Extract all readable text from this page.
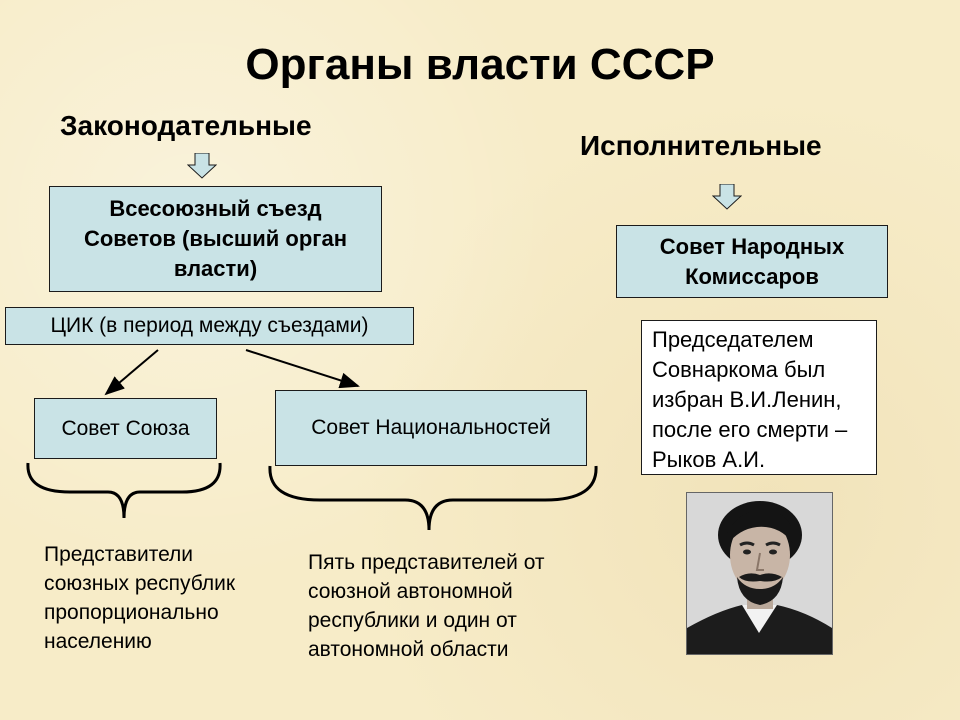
Органы власти СССР
Законодательные
Исполнительные
Всесоюзный съезд Советов (высший орган власти)
ЦИК (в период между съездами)
Совет Союза	Совет Национальностей
Представители союзных республик пропорционально населению
Пять представителей от союзной автономной республики и один от автономной области
Совет Народных Комиссаров
Председателем Совнаркома был избран В.И.Ленин, после его смерти – Рыков А.И.
